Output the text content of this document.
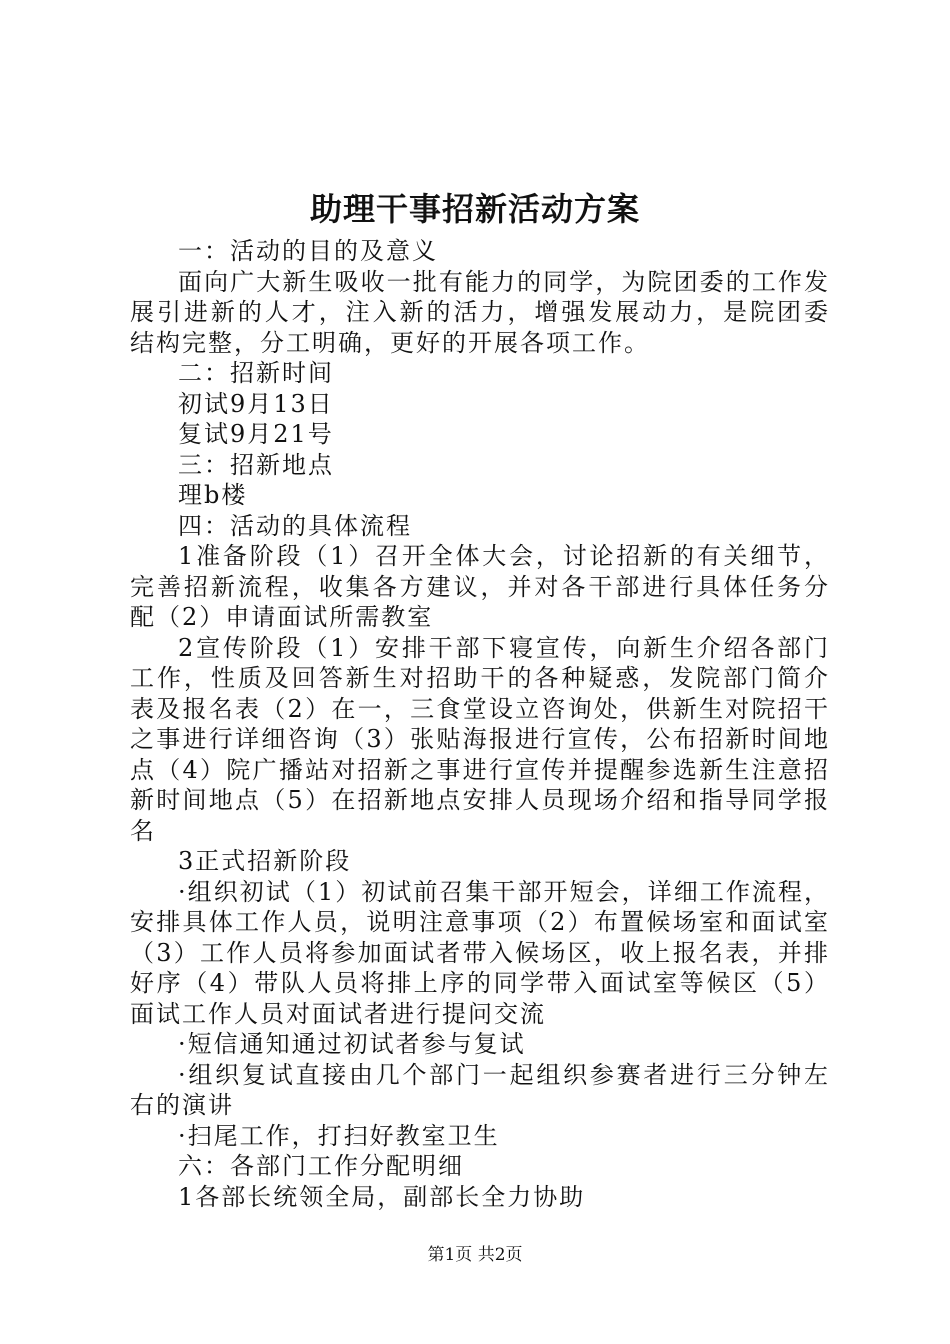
助理干事招新活动方案

一：活动的目的及意义

面向广大新生吸收一批有能力的同学，为院团委的工作发展引进新的人才，注入新的活力，增强发展动力，是院团委结构完整，分工明确，更好的开展各项工作。

二：招新时间

初试9月13日

复试9月21号

三：招新地点

理b楼

四：活动的具体流程

1准备阶段（1）召开全体大会，讨论招新的有关细节，完善招新流程，收集各方建议，并对各干部进行具体任务分配（2）申请面试所需教室

2宣传阶段（1）安排干部下寝宣传，向新生介绍各部门工作，性质及回答新生对招助干的各种疑惑，发院部门简介表及报名表（2）在一，三食堂设立咨询处，供新生对院招干之事进行详细咨询（3）张贴海报进行宣传，公布招新时间地点（4）院广播站对招新之事进行宣传并提醒参选新生注意招新时间地点（5）在招新地点安排人员现场介绍和指导同学报名

3正式招新阶段

·组织初试（1）初试前召集干部开短会，详细工作流程，安排具体工作人员，说明注意事项（2）布置候场室和面试室（3）工作人员将参加面试者带入候场区，收上报名表，并排好序（4）带队人员将排上序的同学带入面试室等候区（5）面试工作人员对面试者进行提问交流

·短信通知通过初试者参与复试

·组织复试直接由几个部门一起组织参赛者进行三分钟左右的演讲

·扫尾工作，打扫好教室卫生

六：各部门工作分配明细

1各部长统领全局，副部长全力协助

第1页 共2页
